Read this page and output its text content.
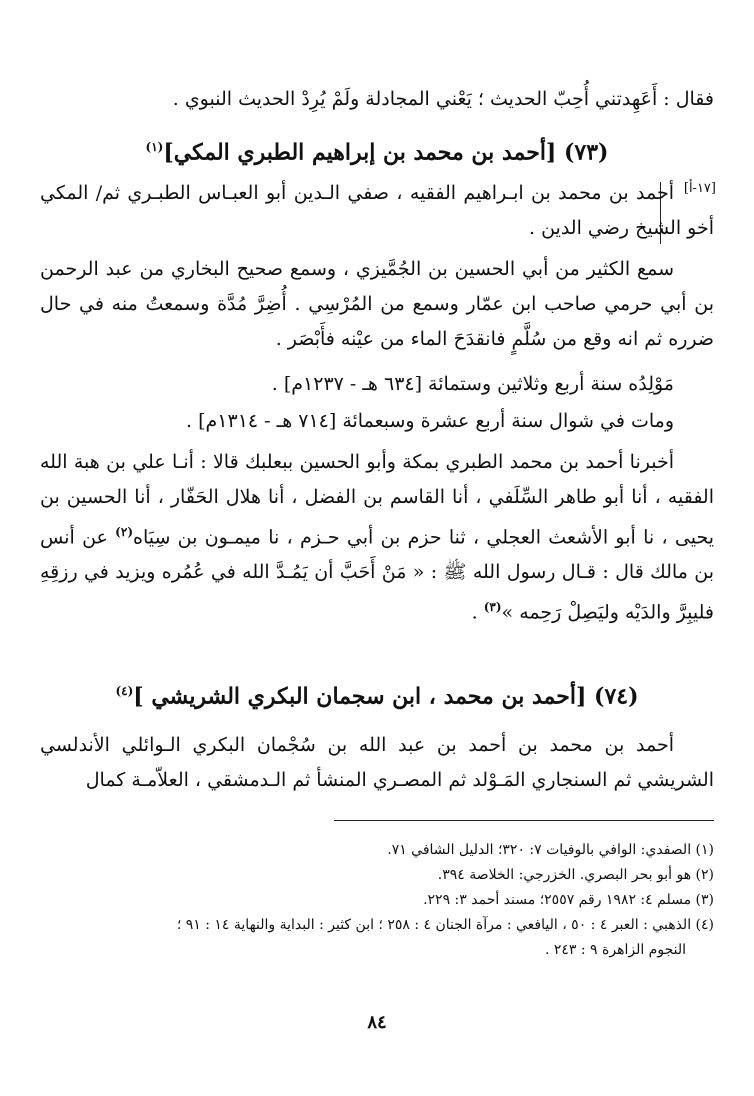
فقال : أَعَهِدتني أُحِبّ الحديث ؛ يَعْني المجادلة ولَمْ يُرِدْ الحديث النبوي .

(٧٣) [أحمد بن محمد بن إبراهيم الطبري المكي]$^{(١)}$
[١٧-أ]

أحمد بن محمد بن ابـراهيم الفقيه ، صفي الـدين أبو العبـاس الطبـري ثم/ المكي أخو الشيخ رضي الدين .

سمع الكثير من أبي الحسين بن الجُمَّيزي ، وسمع صحيح البخاري من عبد الرحمن بن أبي حرمي صاحب ابن عمّار وسمع من المُرْسِي . أُضِرَّ مُدَّة وسمعتُ منه في حال ضرره ثم انه وقع من سُلَّمٍ فانقدَحَ الماء من عيْنه فأَبْصَر .

مَوْلِدُه سنة أربع وثلاثين وستمائة [٦٣٤ هـ - ١٢٣٧م] .

ومات في شوال سنة أربع عشرة وسبعمائة [٧١٤ هـ - ١٣١٤م] .

أخبرنا أحمد بن محمد الطبري بمكة وأبو الحسين ببعلبك قالا : أنـا علي بن هبة الله الفقيه ، أنا أبو طاهر السِّلَفي ، أنا القاسم بن الفضل ، أنا هلال الحَفّار ، أنا الحسين بن يحيى ، نا أبو الأشعث العجلي ، ثنا حزم بن أبي حـزم ، نا ميمـون بن سِيَاه$^{(٢)}$ عن أنس بن مالك قال : قـال رسول الله ﷺ : « مَنْ أَحَبَّ أن يَمُـدَّ الله في عُمُره ويزيد في رزقِهِ فليبِرَّ والدَيْه وليَصِلْ رَحِمه »$^{(٣)}$ .

(٧٤) [أحمد بن محمد ، ابن سجمان البكري الشريشي ]$^{(٤)}$

أحمد بن محمد بن أحمد بن عبد الله بن سُجْمان البكري الـوائلي الأندلسي الشريشي ثم السنجاري المَـوْلد ثم المصـري المنشأ ثم الـدمشقي ، العلاّمـة كمال

(١) الصفدي: الوافي بالوفيات ٧: ٣٢٠؛ الدليل الشافي ٧١.

(٢) هو أبو بحر البصري. الخزرجي: الخلاصة ٣٩٤.

(٣) مسلم ٤: ١٩٨٢ رقم ٢٥٥٧؛ مسند أحمد ٣: ٢٢٩.

(٤) الذهبي : العبر ٤ : ٥٠ ، اليافعي : مرآة الجنان ٤ : ٢٥٨ ؛ ابن كثير : البداية والنهاية ١٤ : ٩١ ؛

النجوم الزاهرة ٩ : ٢٤٣ .

٨٤
